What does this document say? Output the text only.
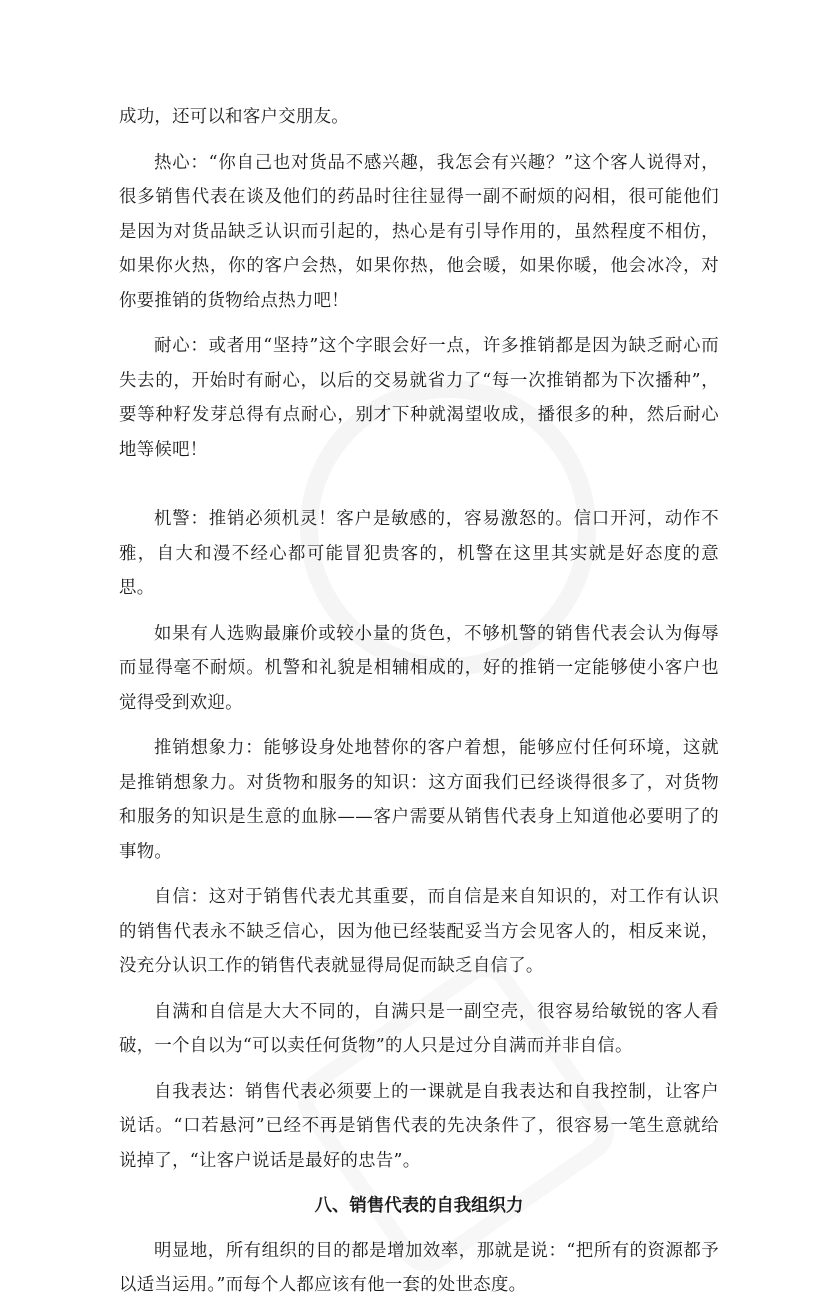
成功，还可以和客户交朋友。

热心：“你自己也对货品不感兴趣，我怎会有兴趣？”这个客人说得对，很多销售代表在谈及他们的药品时往往显得一副不耐烦的闷相，很可能他们是因为对货品缺乏认识而引起的，热心是有引导作用的，虽然程度不相仿，如果你火热，你的客户会热，如果你热，他会暖，如果你暖，他会冰冷，对你要推销的货物给点热力吧！

耐心：或者用“坚持”这个字眼会好一点，许多推销都是因为缺乏耐心而失去的，开始时有耐心，以后的交易就省力了“每一次推销都为下次播种”，要等种籽发芽总得有点耐心，别才下种就渴望收成，播很多的种，然后耐心地等候吧！

机警：推销必须机灵！客户是敏感的，容易激怒的。信口开河，动作不雅，自大和漫不经心都可能冒犯贵客的，机警在这里其实就是好态度的意思。

如果有人选购最廉价或较小量的货色，不够机警的销售代表会认为侮辱而显得毫不耐烦。机警和礼貌是相辅相成的，好的推销一定能够使小客户也觉得受到欢迎。

推销想象力：能够设身处地替你的客户着想，能够应付任何环境，这就是推销想象力。对货物和服务的知识：这方面我们已经谈得很多了，对货物和服务的知识是生意的血脉——客户需要从销售代表身上知道他必要明了的事物。

自信：这对于销售代表尤其重要，而自信是来自知识的，对工作有认识的销售代表永不缺乏信心，因为他已经装配妥当方会见客人的，相反来说，没充分认识工作的销售代表就显得局促而缺乏自信了。

自满和自信是大大不同的，自满只是一副空壳，很容易给敏锐的客人看破，一个自以为“可以卖任何货物”的人只是过分自满而并非自信。

自我表达：销售代表必须要上的一课就是自我表达和自我控制，让客户说话。“口若悬河”已经不再是销售代表的先决条件了，很容易一笔生意就给说掉了，“让客户说话是最好的忠告”。

八、销售代表的自我组织力

明显地，所有组织的目的都是增加效率，那就是说：“把所有的资源都予以适当运用。”而每个人都应该有他一套的处世态度。
